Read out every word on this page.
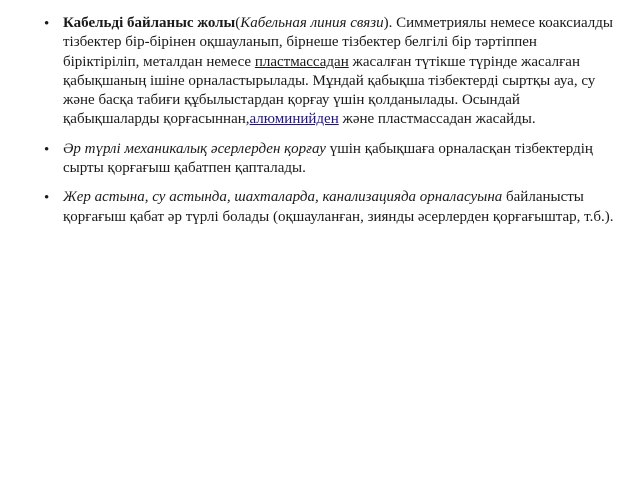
• Кабельді байланыс жолы(Кабельная линия связи). Симметриялы немесе коаксиалды тізбектер бір-бірінен оқшауланып, бірнеше тізбектер белгілі бір тәртіппен біріктіріліп, металдан немесе пластмассадан жасалған түтікше түрінде жасалған қабықшаның ішіне орналастырылады. Мұндай қабықша тізбектерді сыртқы ауа, су және басқа табиғи құбылыстардан қорғау үшін қолданылады. Осындай қабықшаларды қорғасыннан,алюминийден және пластмассадан жасайды.
• Әр түрлі механикалық әсерлерден қорғау үшін қабықшаға орналасқан тізбектердің сырты қорғағыш қабатпен қапталады.
• Жер астына, су астында, шахталарда, канализацияда орналасуына байланысты қорғағыш қабат әр түрлі болады (оқшауланған, зиянды әсерлерден қорғағыштар, т.б.).
